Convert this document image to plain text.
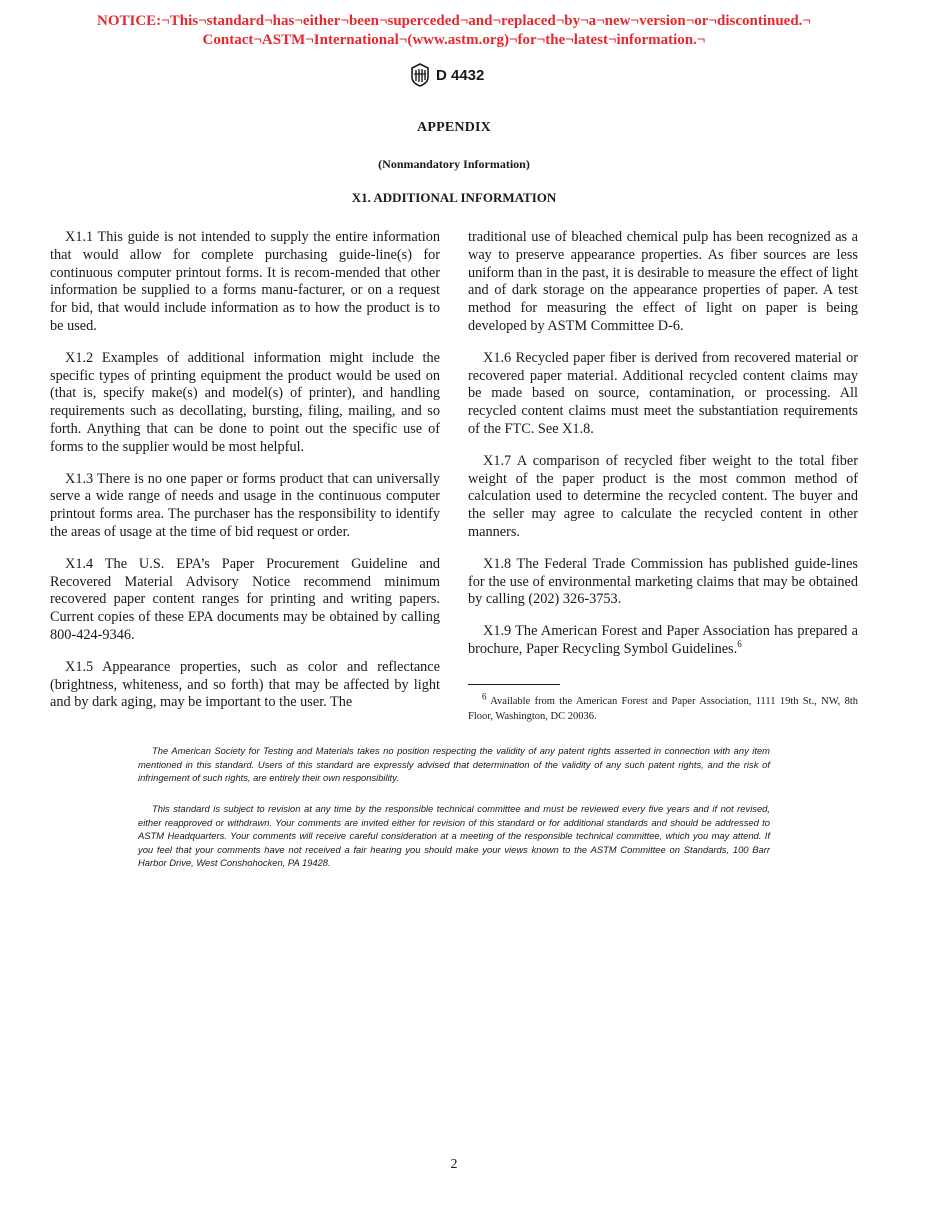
NOTICE:¬This¬standard¬has¬either¬been¬superceded¬and¬replaced¬by¬a¬new¬version¬or¬discontinued.¬
Contact¬ASTM¬International¬(www.astm.org)¬for¬the¬latest¬information.¬
D 4432
APPENDIX
(Nonmandatory Information)
X1. ADDITIONAL INFORMATION

X1.1 This guide is not intended to supply the entire information that would allow for complete purchasing guide-line(s) for continuous computer printout forms. It is recom-mended that other information be supplied to a forms manu-facturer, or on a request for bid, that would include information as to how the product is to be used.

X1.2 Examples of additional information might include the specific types of printing equipment the product would be used on (that is, specify make(s) and model(s) of printer), and handling requirements such as decollating, bursting, filing, mailing, and so forth. Anything that can be done to point out the specific use of forms to the supplier would be most helpful.

X1.3 There is no one paper or forms product that can universally serve a wide range of needs and usage in the continuous computer printout forms area. The purchaser has the responsibility to identify the areas of usage at the time of bid request or order.

X1.4 The U.S. EPA’s Paper Procurement Guideline and Recovered Material Advisory Notice recommend minimum recovered paper content ranges for printing and writing papers. Current copies of these EPA documents may be obtained by calling 800-424-9346.

X1.5 Appearance properties, such as color and reflectance (brightness, whiteness, and so forth) that may be affected by light and by dark aging, may be important to the user. The

traditional use of bleached chemical pulp has been recognized as a way to preserve appearance properties. As fiber sources are less uniform than in the past, it is desirable to measure the effect of light and of dark storage on the appearance properties of paper. A test method for measuring the effect of light on paper is being developed by ASTM Committee D-6.

X1.6 Recycled paper fiber is derived from recovered material or recovered paper material. Additional recycled content claims may be made based on source, contamination, or processing. All recycled content claims must meet the substantiation requirements of the FTC. See X1.8.

X1.7 A comparison of recycled fiber weight to the total fiber weight of the paper product is the most common method of calculation used to determine the recycled content. The buyer and the seller may agree to calculate the recycled content in other manners.

X1.8 The Federal Trade Commission has published guide-lines for the use of environmental marketing claims that may be obtained by calling (202) 326-3753.

X1.9 The American Forest and Paper Association has prepared a brochure, Paper Recycling Symbol Guidelines.$^6$

6 Available from the American Forest and Paper Association, 1111 19th St., NW, 8th Floor, Washington, DC 20036.
The American Society for Testing and Materials takes no position respecting the validity of any patent rights asserted in connection with any item mentioned in this standard. Users of this standard are expressly advised that determination of the validity of any such patent rights, and the risk of infringement of such rights, are entirely their own responsibility.
This standard is subject to revision at any time by the responsible technical committee and must be reviewed every five years and if not revised, either reapproved or withdrawn. Your comments are invited either for revision of this standard or for additional standards and should be addressed to ASTM Headquarters. Your comments will receive careful consideration at a meeting of the responsible technical committee, which you may attend. If you feel that your comments have not received a fair hearing you should make your views known to the ASTM Committee on Standards, 100 Barr Harbor Drive, West Conshohocken, PA 19428.
2
